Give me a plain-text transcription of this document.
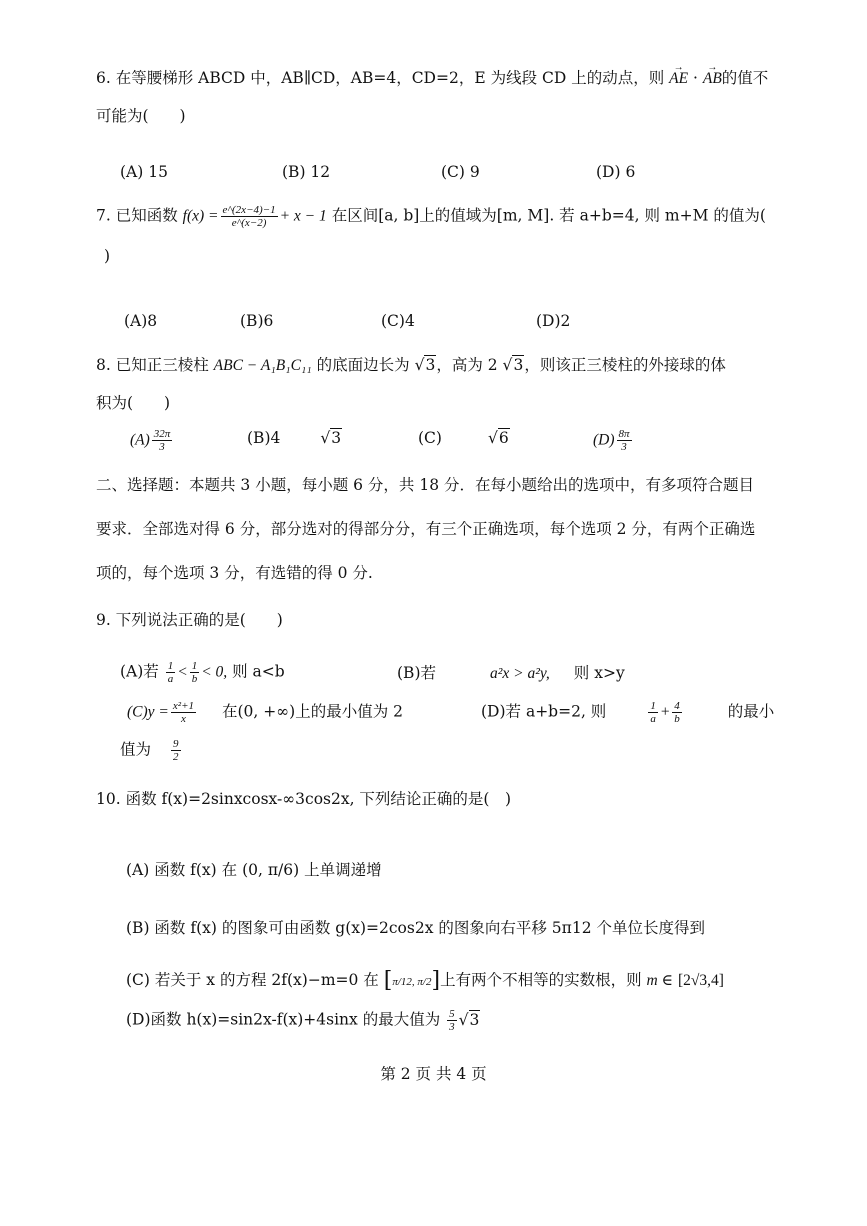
6. 在等腰梯形 ABCD 中，AB∥CD，AB=4，CD=2，E 为线段 CD 上的动点，则 → AE · → AB的值不
可能为(　　)
(A) 15	(B) 12	(C) 9	(D) 6
7. 已知函数 $f(x) = \frac{e\^{}(2x-4)-1}{e\^{}(x-2)} + x - 1$ 在区间[a, b]上的值域为[m, M]. 若 a+b=4, 则 m+M 的值为(
)
(A)8	(B)6	(C)4	(D)2
8. 已知正三棱柱 ABC − A₁B₁C₁₁ 的底面边长为 √3，高为 2 √3，则该正三棱柱的外接球的体
积为(　　)
$(A) \frac{32\pi}{3}$	(B)4	√3	(C)	√6	$(D) \frac{8\pi}{3}$
二、选择题：本题共 3 小题，每小题 6 分，共 18 分．在每小题给出的选项中，有多项符合题目
要求．全部选对得 6 分，部分选对的得部分分，有三个正确选项，每个选项 2 分，有两个正确选
项的，每个选项 3 分，有选错的得 0 分.
9. 下列说法正确的是(　　)
(A)若 $\frac{1}{a} < \frac{1}{b} < 0$, 则 a<b	(B)若	a²x > a²y, 则 x>y
$(C)y = \frac{\text{x²+1}}{x}$ 在(0, +∞)上的最小值为 2	(D)若 a+b=2, 则	$\frac{1}{a} + \frac{4}{b}$	的最小
值为 $\frac{9}{2}$
10. 函数 f(x)=2sinxcosx-∞3cos2x, 下列结论正确的是(　)
(A) 函数 f(x) 在 (0, π/6) 上单调递增
(B) 函数 f(x) 的图象可由函数 g(x)=2cos2x 的图象向右平移 5π12 个单位长度得到
(C) 若关于 x 的方程 2f(x)−m=0 在 [π/12, π/2]上有两个不相等的实数根，则 m ∈ [2√3,4]
(D)函数 h(x)=sin2x-f(x)+4sinx 的最大值为 $\frac{5}{3} √3$
第 2 页 共 4 页
